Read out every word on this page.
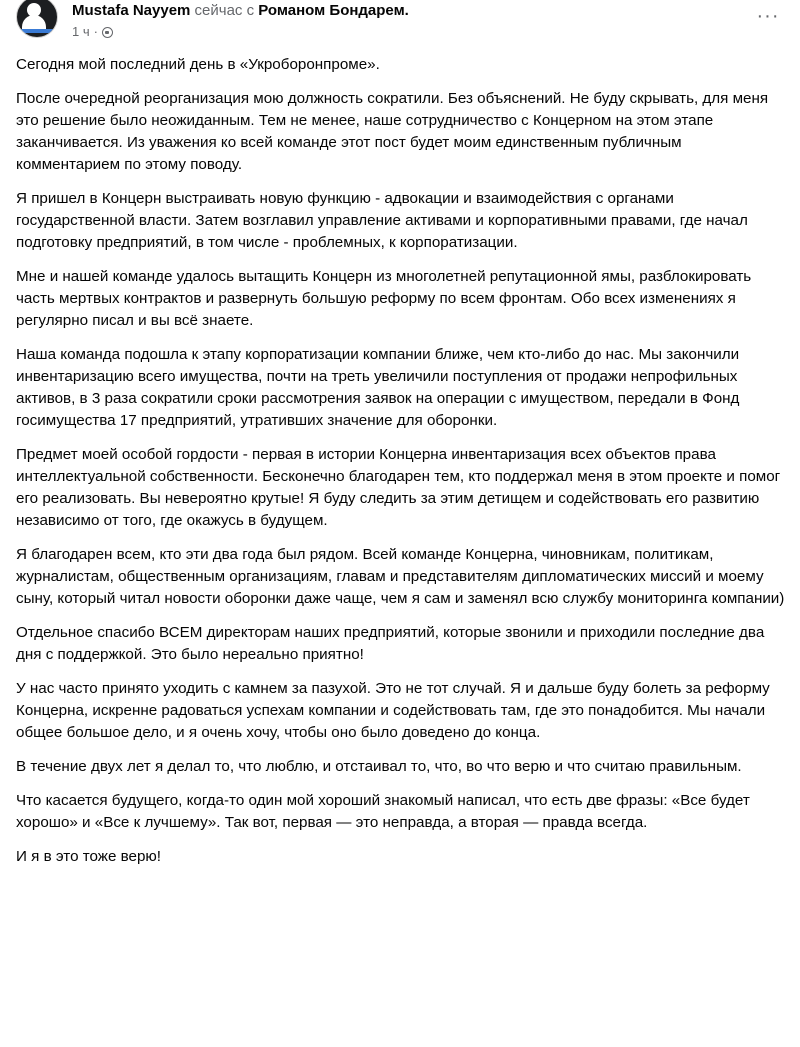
Mustafa Nayyem сейчас с Романом Бондарем.
1 ч ·
···

Сегодня мой последний день в «Укроборонпроме».

После очередной реорганизация мою должность сократили. Без объяснений. Не буду скрывать, для меня это решение было неожиданным. Тем не менее, наше сотрудничество с Концерном на этом этапе заканчивается. Из уважения ко всей команде этот пост будет моим единственным публичным комментарием по этому поводу.

Я пришел в Концерн выстраивать новую функцию - адвокации и взаимодействия с органами государственной власти. Затем возглавил управление активами и корпоративными правами, где начал подготовку предприятий, в том числе - проблемных, к корпоратизации.

Мне и нашей команде удалось вытащить Концерн из многолетней репутационной ямы, разблокировать часть мертвых контрактов и развернуть большую реформу по всем фронтам. Обо всех изменениях я регулярно писал и вы всё знаете.

Наша команда подошла к этапу корпоратизации компании ближе, чем кто-либо до нас. Мы закончили инвентаризацию всего имущества, почти на треть увеличили поступления от продажи непрофильных активов, в 3 раза сократили сроки рассмотрения заявок на операции с имуществом, передали в Фонд госимущества 17 предприятий, утративших значение для оборонки.

Предмет моей особой гордости - первая в истории Концерна инвентаризация всех объектов права интеллектуальной собственности. Бесконечно благодарен тем, кто поддержал меня в этом проекте и помог его реализовать. Вы невероятно крутые! Я буду следить за этим детищем и содействовать его развитию независимо от того, где окажусь в будущем.

Я благодарен всем, кто эти два года был рядом. Всей команде Концерна, чиновникам, политикам, журналистам, общественным организациям, главам и представителям дипломатических миссий и моему сыну, который читал новости оборонки даже чаще, чем я сам и заменял всю службу мониторинга компании)

Отдельное спасибо ВСЕМ директорам наших предприятий, которые звонили и приходили последние два дня с поддержкой. Это было нереально приятно!

У нас часто принято уходить с камнем за пазухой. Это не тот случай. Я и дальше буду болеть за реформу Концерна, искренне радоваться успехам компании и содействовать там, где это понадобится. Мы начали общее большое дело, и я очень хочу, чтобы оно было доведено до конца.

В течение двух лет я делал то, что люблю, и отстаивал то, что, во что верю и что считаю правильным.

Что касается будущего, когда-то один мой хороший знакомый написал, что есть две фразы: «Все будет хорошо» и «Все к лучшему». Так вот, первая — это неправда, а вторая — правда всегда.

И я в это тоже верю!
